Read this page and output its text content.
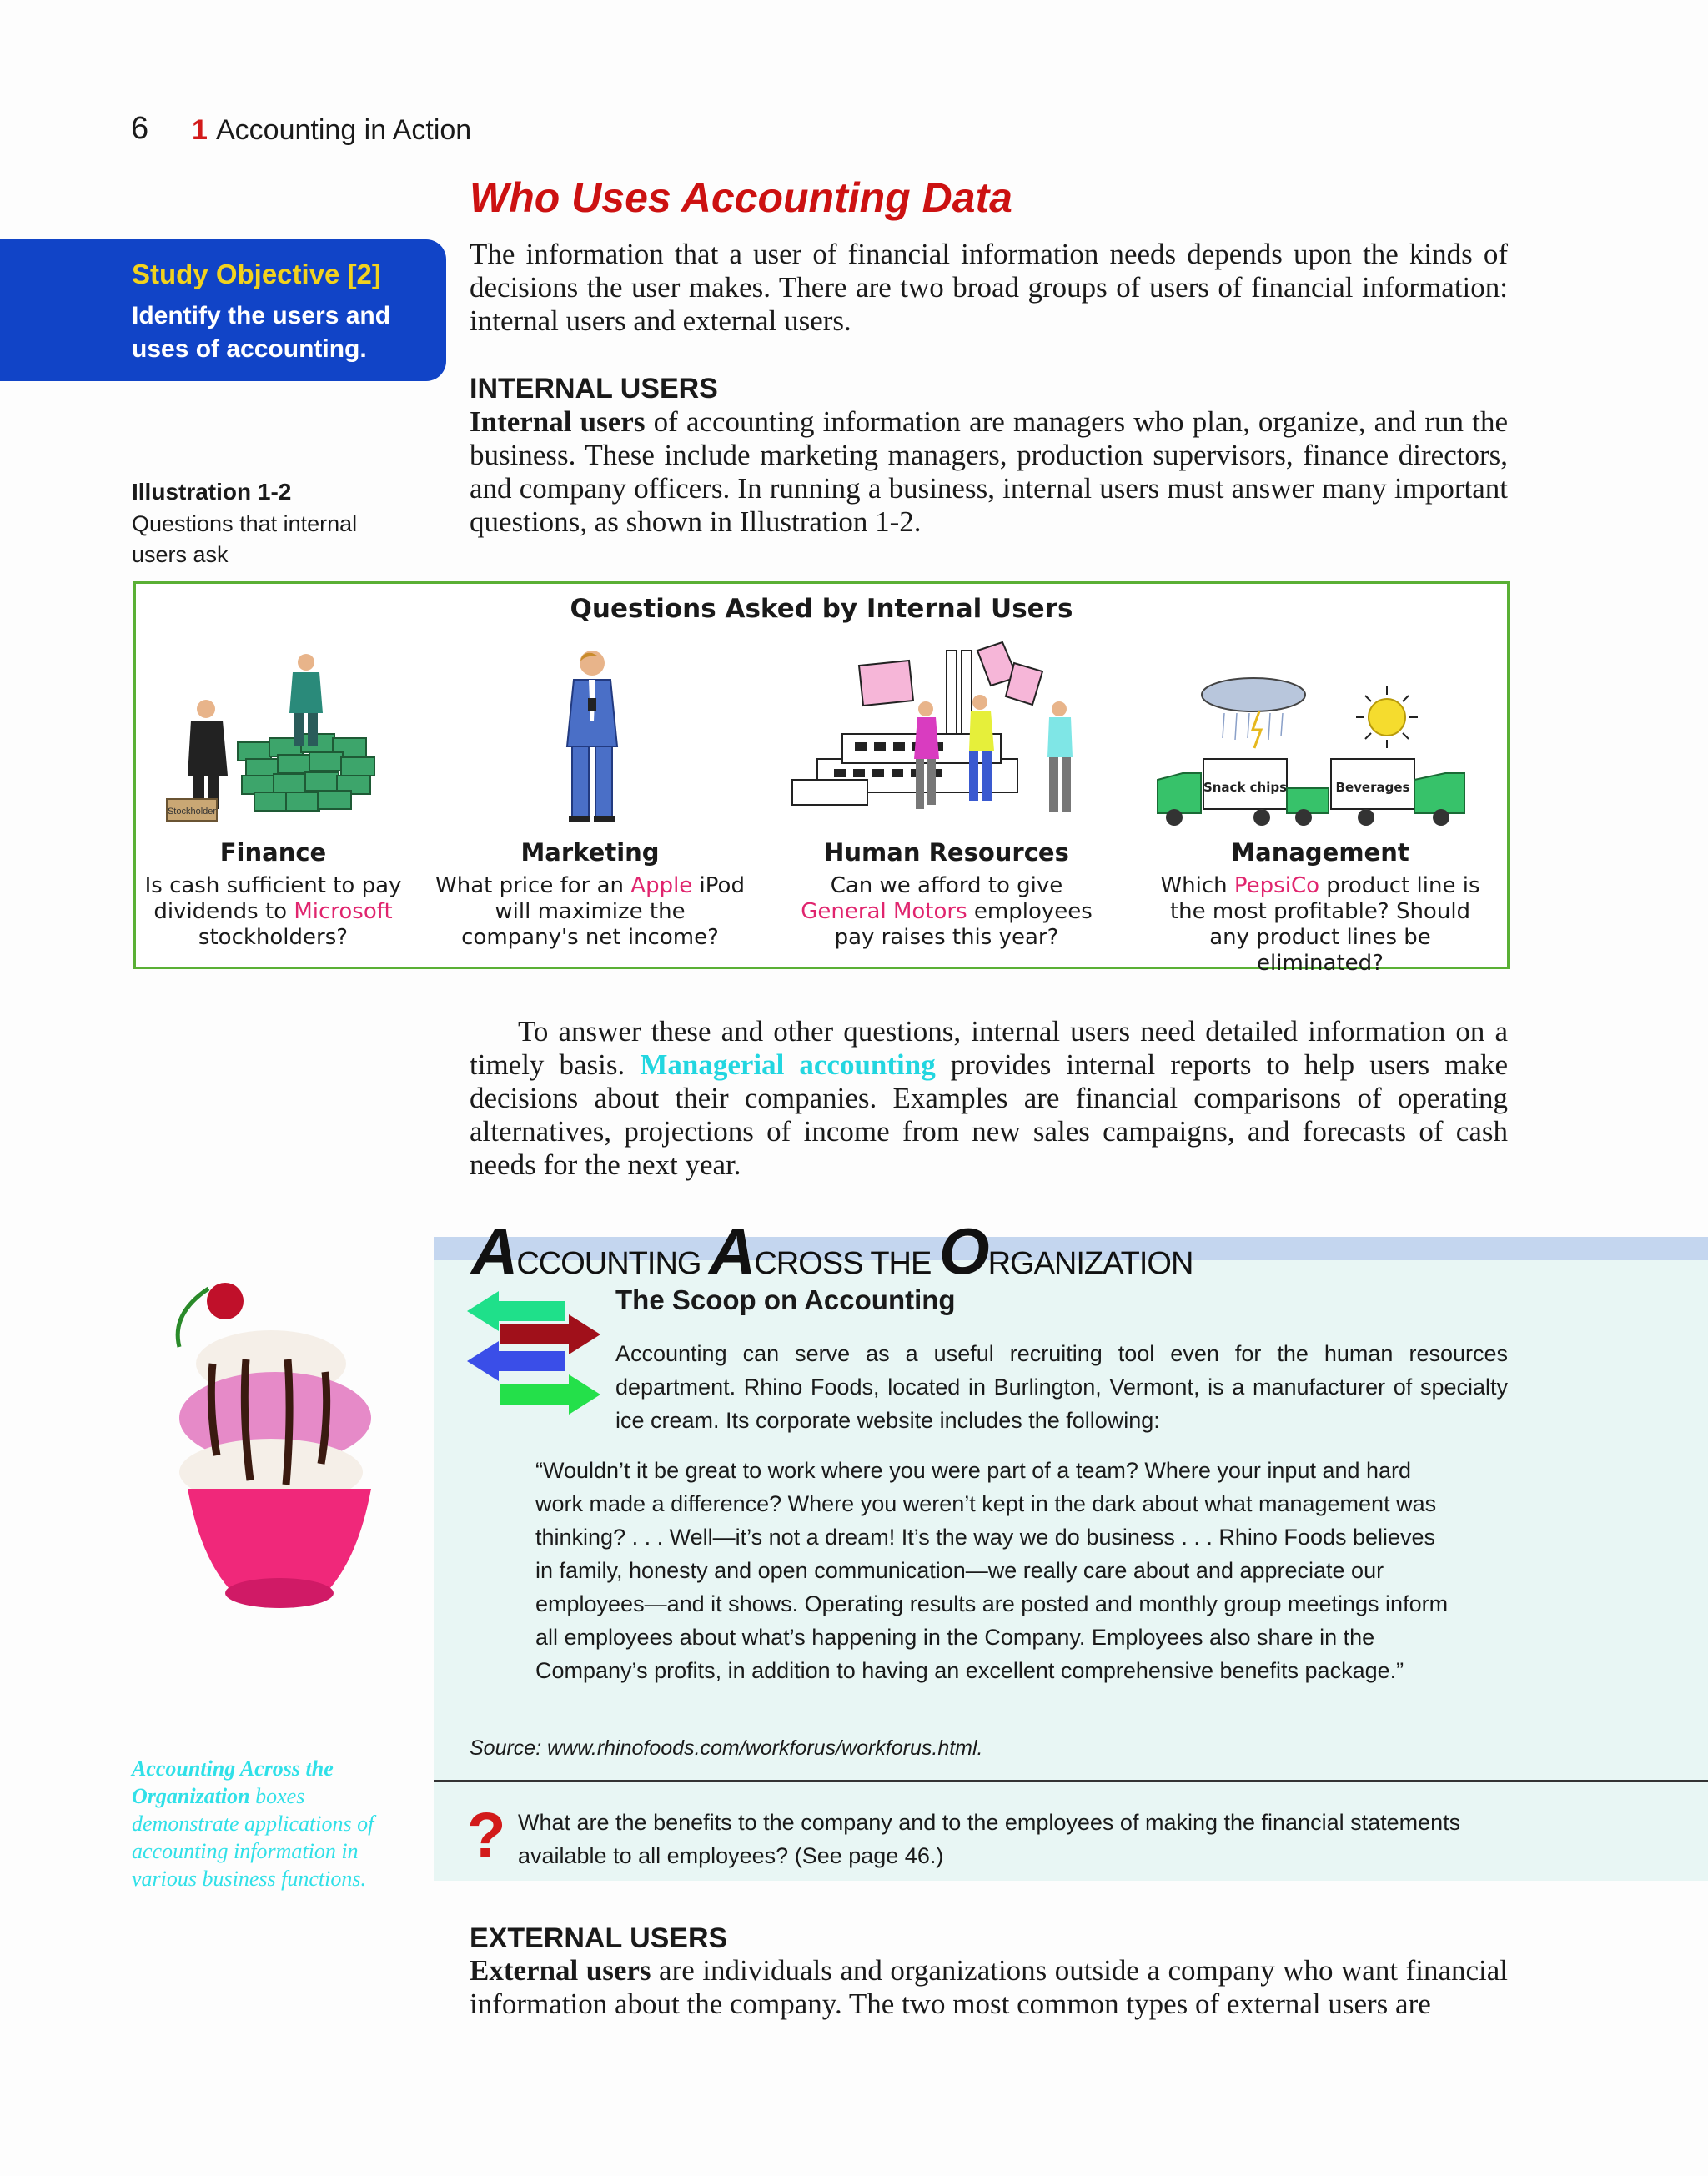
6 1 Accounting in Action
Who Uses Accounting Data
Study Objective [2]
Identify the users and uses of accounting.
The information that a user of financial information needs depends upon the kinds of decisions the user makes. There are two broad groups of users of financial information: internal users and external users.
INTERNAL USERS
Internal users of accounting information are managers who plan, organize, and run the business. These include marketing managers, production supervisors, finance directors, and company officers. In running a business, internal users must answer many important questions, as shown in Illustration 1-2.
Illustration 1-2
Questions that internal users ask
Questions Asked by Internal Users
Stockholder
Snack chips	Beverages
Finance
Is cash sufficient to pay dividends to Microsoft stockholders?
Marketing
What price for an Apple iPod will maximize the company's net income?
Human Resources
Can we afford to give General Motors employees pay raises this year?
Management
Which PepsiCo product line is the most profitable? Should any product lines be eliminated?
To answer these and other questions, internal users need detailed information on a timely basis. Managerial accounting provides internal reports to help users make decisions about their companies. Examples are financial comparisons of operating alternatives, projections of income from new sales campaigns, and forecasts of cash needs for the next year.
ACCOUNTING ACROSS THE ORGANIZATION
The Scoop on Accounting
Accounting can serve as a useful recruiting tool even for the human resources department. Rhino Foods, located in Burlington, Vermont, is a manufacturer of specialty ice cream. Its corporate website includes the following:
“Wouldn’t it be great to work where you were part of a team? Where your input and hard work made a difference? Where you weren’t kept in the dark about what management was thinking? . . . Well—it’s not a dream! It’s the way we do business . . . Rhino Foods believes in family, honesty and open communication—we really care about and appreciate our employees—and it shows. Operating results are posted and monthly group meetings inform all employees about what’s happening in the Company. Employees also share in the Company’s profits, in addition to having an excellent comprehensive benefits package.”
Source: www.rhinofoods.com/workforus/workforus.html.
? What are the benefits to the company and to the employees of making the financial statements available to all employees? (See page 46.)
Accounting Across the Organization boxes demonstrate applications of accounting information in various business functions.
EXTERNAL USERS
External users are individuals and organizations outside a company who want financial information about the company. The two most common types of external users are
